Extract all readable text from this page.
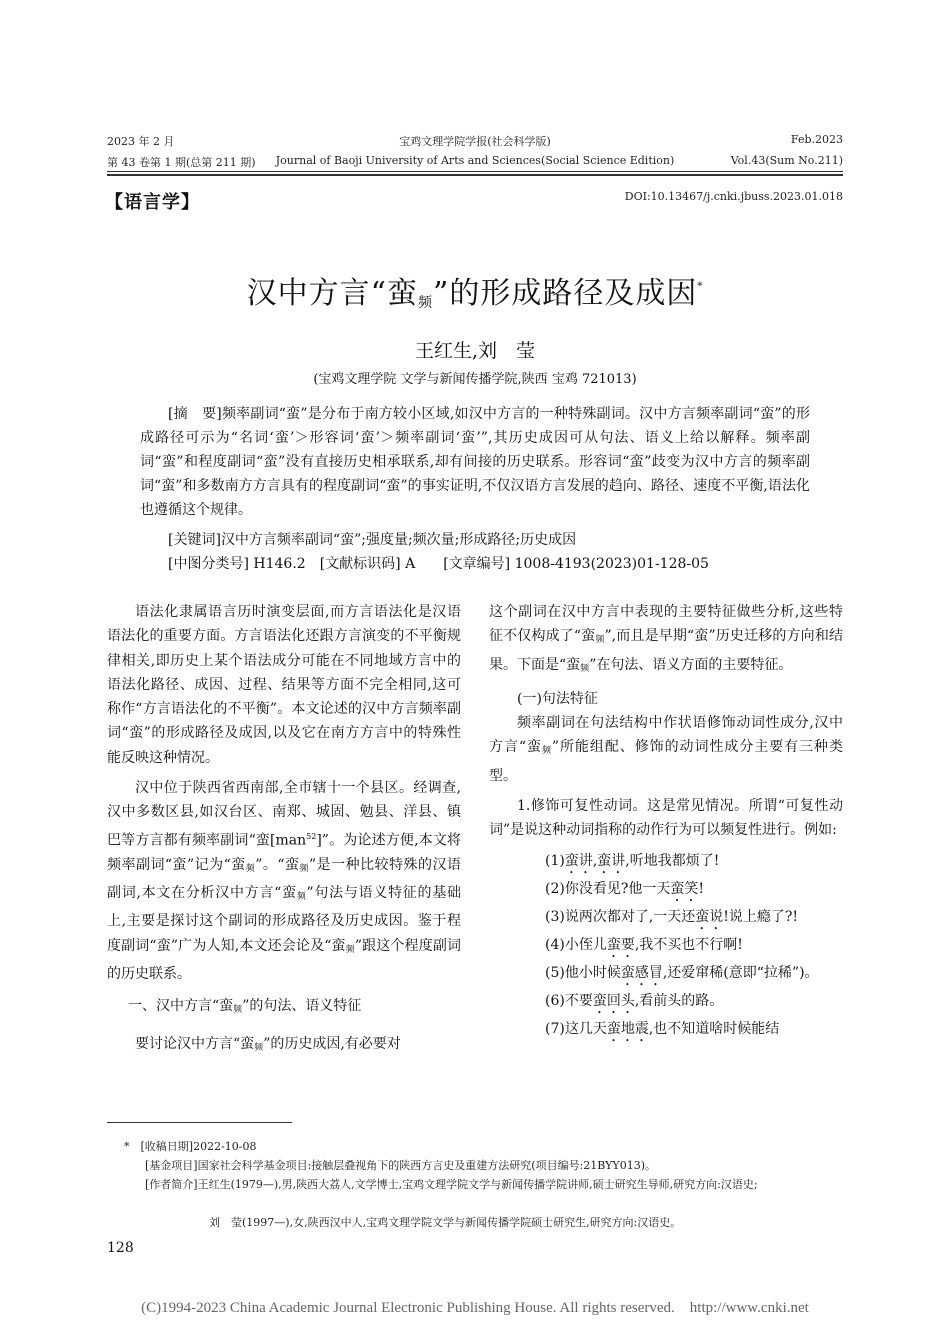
2023 年 2 月	宝鸡文理学院学报(社会科学版)	Feb.2023
第 43 卷第 1 期(总第 211 期)	Journal of Baoji University of Arts and Sciences(Social Science Edition)	Vol.43(Sum No.211)
【语言学】	DOI:10.13467/j.cnki.jbuss.2023.01.018
汉中方言“蛮$_频$”的形成路径及成因*
王红生,刘　莹
(宝鸡文理学院 文学与新闻传播学院,陕西 宝鸡 721013)
[摘　要]频率副词“蛮”是分布于南方较小区域,如汉中方言的一种特殊副词。汉中方言频率副词“蛮”的形成路径可示为“名词‘蛮’＞形容词‘蛮’＞频率副词‘蛮’”,其历史成因可从句法、语义上给以解释。频率副词“蛮”和程度副词“蛮”没有直接历史相承联系,却有间接的历史联系。形容词“蛮”歧变为汉中方言的频率副词“蛮”和多数南方方言具有的程度副词“蛮”的事实证明,不仅汉语方言发展的趋向、路径、速度不平衡,语法化也遵循这个规律。
[关键词]汉中方言频率副词“蛮”;强度量;频次量;形成路径;历史成因
[中图分类号] H146.2　 [文献标识码] A　　 [文章编号] 1008-4193(2023)01-128-05

语法化隶属语言历时演变层面,而方言语法化是汉语语法化的重要方面。方言语法化还跟方言演变的不平衡规律相关,即历史上某个语法成分可能在不同地域方言中的语法化路径、成因、过程、结果等方面不完全相同,这可称作“方言语法化的不平衡”。本文论述的汉中方言频率副词“蛮”的形成路径及成因,以及它在南方方言中的特殊性能反映这种情况。

汉中位于陕西省西南部,全市辖十一个县区。经调查,汉中多数区县,如汉台区、南郑、城固、勉县、洋县、镇巴等方言都有频率副词“蛮[man$^{52}$]”。为论述方便,本文将频率副词“蛮”记为“蛮$_频$”。“蛮$_频$”是一种比较特殊的汉语副词,本文在分析汉中方言“蛮$_频$”句法与语义特征的基础上,主要是探讨这个副词的形成路径及历史成因。鉴于程度副词“蛮”广为人知,本文还会论及“蛮$_频$”跟这个程度副词的历史联系。

一、汉中方言“蛮$_频$”的句法、语义特征

要讨论汉中方言“蛮$_频$”的历史成因,有必要对

这个副词在汉中方言中表现的主要特征做些分析,这些特征不仅构成了“蛮$_频$”,而且是早期“蛮”历史迁移的方向和结果。下面是“蛮$_频$”在句法、语义方面的主要特征。

(一)句法特征

频率副词在句法结构中作状语修饰动词性成分,汉中方言“蛮$_频$”所能组配、修饰的动词性成分主要有三种类型。

1.修饰可复性动词。这是常见情况。所谓“可复性动词”是说这种动词指称的动作行为可以频复性进行。例如:

(1)蛮讲,蛮讲,听地我都烦了!

(2)你没看见?他一天蛮笑!

(3)说两次都对了,一天还蛮说!说上瘾了?!

(4)小侄儿蛮要,我不买也不行啊!

(5)他小时候蛮感冒,还爱窜稀(意即“拉稀”)。

(6)不要蛮回头,看前头的路。

(7)这几天蛮地震,也不知道啥时候能结

*　[收稿日期]2022-10-08
[基金项目]国家社会科学基金项目:接触层叠视角下的陕西方言史及重建方法研究(项目编号:21BYY013)。
[作者简介]王红生(1979—),男,陕西大荔人,文学博士,宝鸡文理学院文学与新闻传播学院讲师,硕士研究生导师,研究方向:汉语史;
刘　莹(1997—),女,陕西汉中人,宝鸡文理学院文学与新闻传播学院硕士研究生,研究方向:汉语史。
128
(C)1994-2023 China Academic Journal Electronic Publishing House. All rights reserved.　http://www.cnki.net
